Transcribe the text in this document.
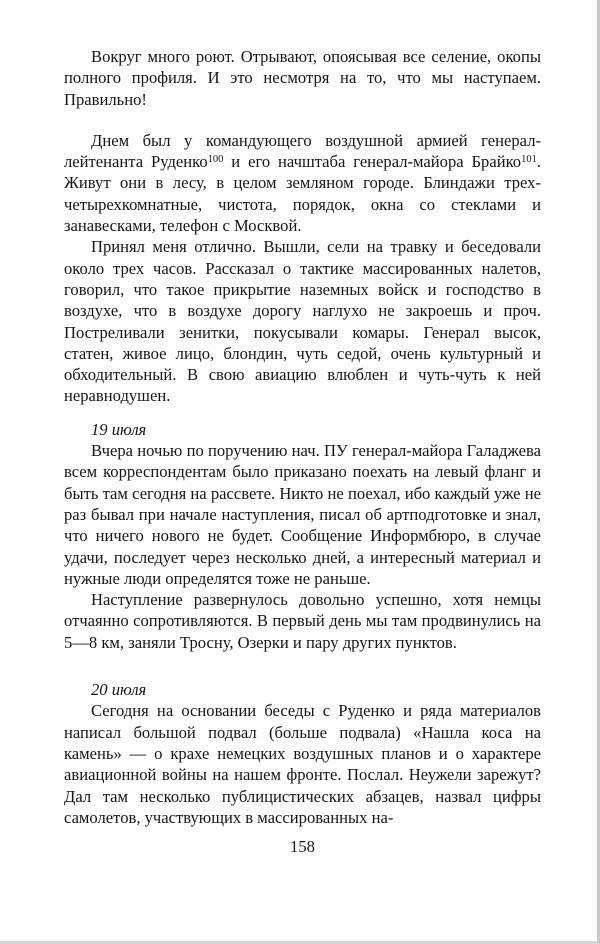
Вокруг много роют. Отрывают, опоясывая все селение, окопы полного профиля. И это несмотря на то, что мы наступаем. Правильно!

Днем был у командующего воздушной армией генерал-лейтенанта Руденко$^{100}$ и его начштаба генерал-майора Брайко$^{101}$. Живут они в лесу, в целом земляном городе. Блиндажи трех-четырехкомнатные, чистота, порядок, окна со стеклами и занавесками, телефон с Москвой.

Принял меня отлично. Вышли, сели на травку и беседовали около трех часов. Рассказал о тактике массированных налетов, говорил, что такое прикрытие наземных войск и господство в воздухе, что в воздухе дорогу наглухо не закроешь и проч. Постреливали зенитки, покусывали комары. Генерал высок, статен, живое лицо, блондин, чуть седой, очень культурный и обходительный. В свою авиацию влюблен и чуть-чуть к ней неравнодушен.

19 июля

Вчера ночью по поручению нач. ПУ генерал-майора Галаджева всем корреспондентам было приказано поехать на левый фланг и быть там сегодня на рассвете. Никто не поехал, ибо каждый уже не раз бывал при начале наступления, писал об артподготовке и знал, что ничего нового не будет. Сообщение Информбюро, в случае удачи, последует через несколько дней, а интересный материал и нужные люди определятся тоже не раньше.

Наступление развернулось довольно успешно, хотя немцы отчаянно сопротивляются. В первый день мы там продвинулись на 5—8 км, заняли Тросну, Озерки и пару других пунктов.

20 июля

Сегодня на основании беседы с Руденко и ряда материалов написал большой подвал (больше подвала) «Нашла коса на камень» — о крахе немецких воздушных планов и о характере авиационной войны на нашем фронте. Послал. Неужели зарежут? Дал там несколько публицистических абзацев, назвал цифры самолетов, участвующих в массированных на-

158
